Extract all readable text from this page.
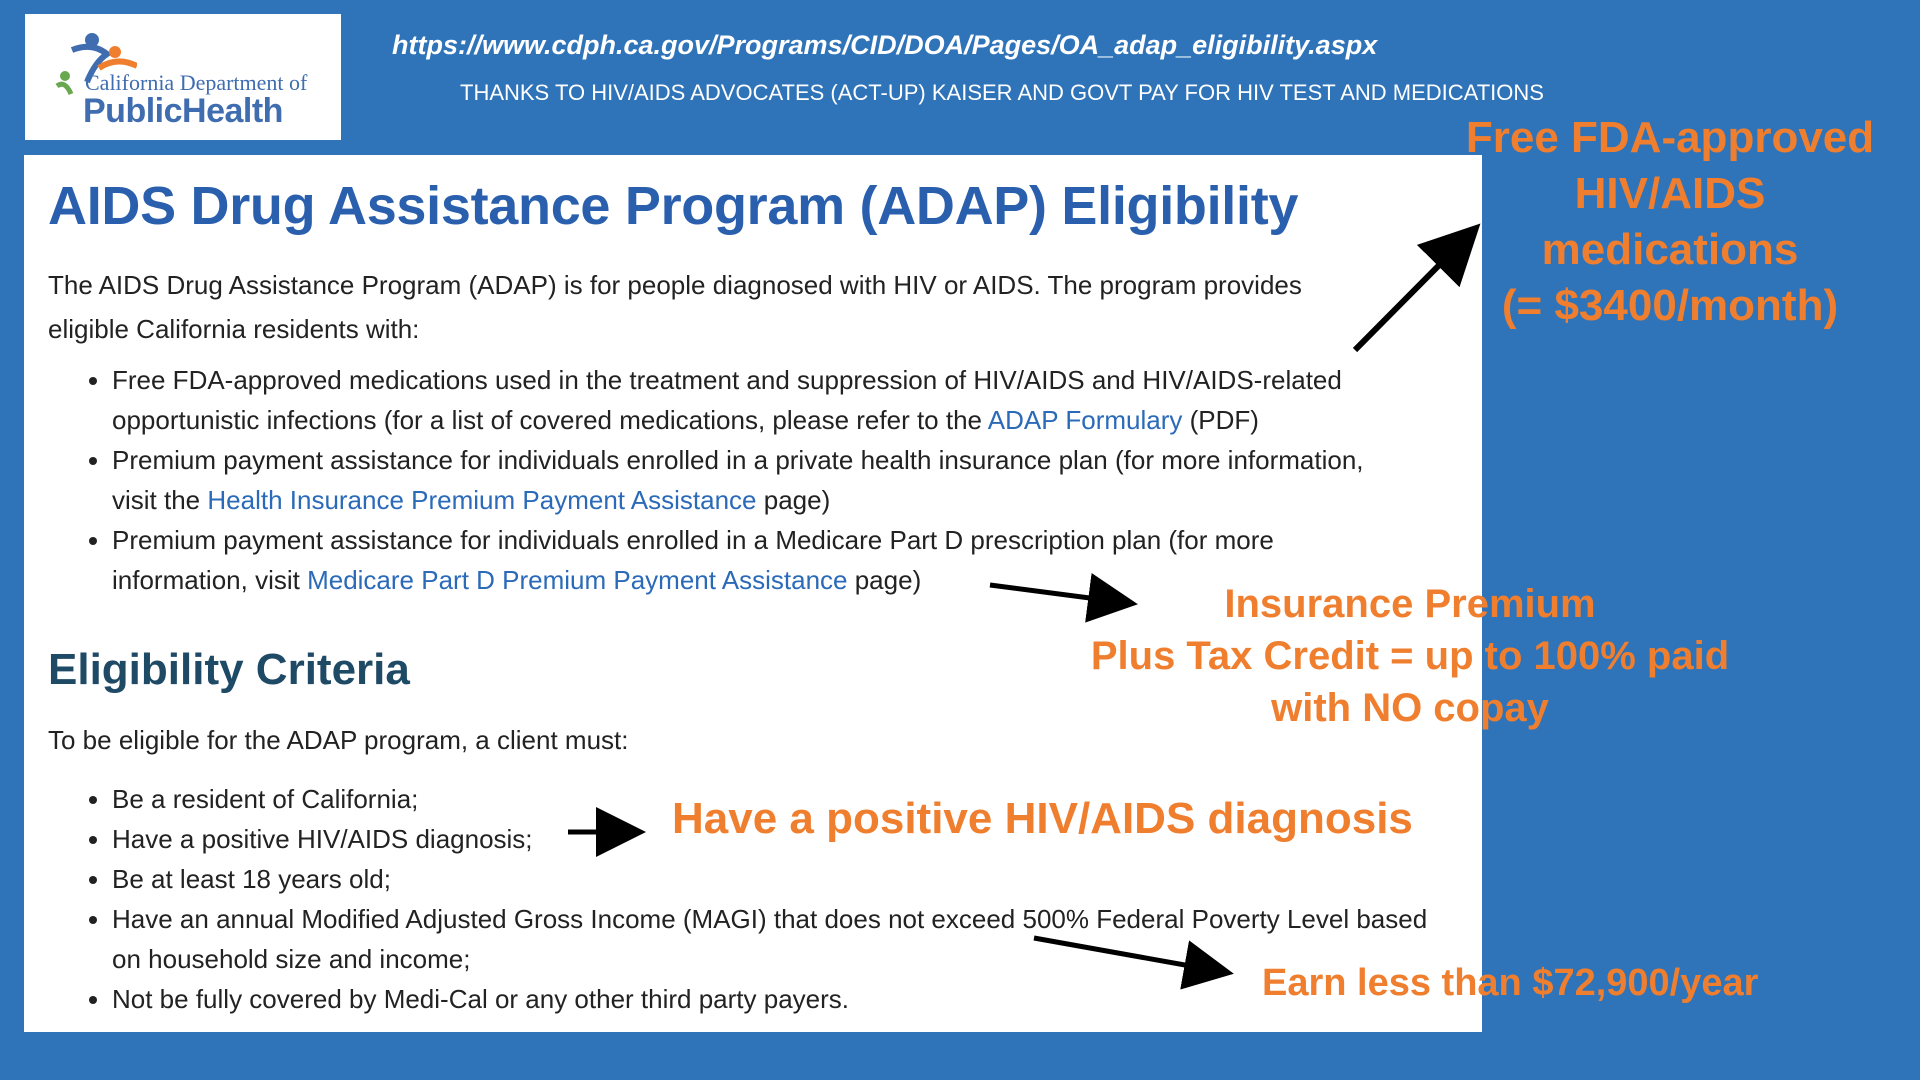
California Department of
PublicHealth
https://www.cdph.ca.gov/Programs/CID/DOA/Pages/OA_adap_eligibility.aspx
THANKS TO HIV/AIDS ADVOCATES (ACT-UP) KAISER AND GOVT PAY FOR HIV TEST AND MEDICATIONS
AIDS Drug Assistance Program (ADAP) Eligibility
The AIDS Drug Assistance Program (ADAP) is for people diagnosed with HIV or AIDS. The program provides eligible California residents with:
• Free FDA-approved medications used in the treatment and suppression of HIV/AIDS and HIV/AIDS-related opportunistic infections (for a list of covered medications, please refer to the ADAP Formulary (PDF)
• Premium payment assistance for individuals enrolled in a private health insurance plan (for more information, visit the Health Insurance Premium Payment Assistance page)
• Premium payment assistance for individuals enrolled in a Medicare Part D prescription plan (for more information, visit Medicare Part D Premium Payment Assistance page)
Eligibility Criteria
To be eligible for the ADAP program, a client must:
• Be a resident of California;
• Have a positive HIV/AIDS diagnosis;
• Be at least 18 years old;
• Have an annual Modified Adjusted Gross Income (MAGI) that does not exceed 500% Federal Poverty Level based on household size and income;
• Not be fully covered by Medi-Cal or any other third party payers.
Free FDA-approved
HIV/AIDS
medications
(= $3400/month)
Insurance Premium
Plus Tax Credit = up to 100% paid
with NO copay
Have a positive HIV/AIDS diagnosis
Earn less than $72,900/year
